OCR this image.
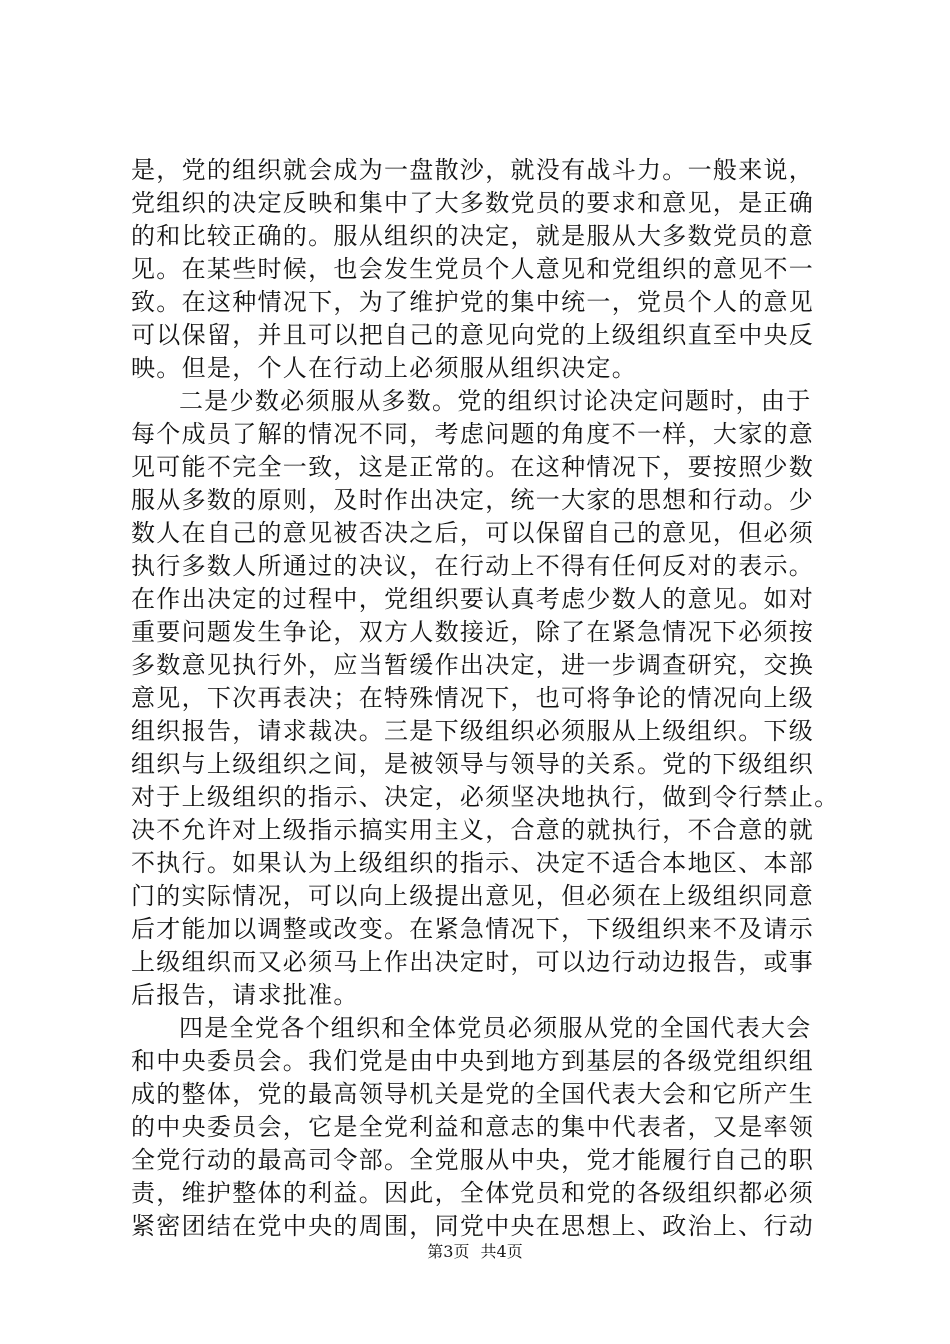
是，党的组织就会成为一盘散沙，就没有战斗力。一般来说，
党组织的决定反映和集中了大多数党员的要求和意见，是正确
的和比较正确的。服从组织的决定，就是服从大多数党员的意
见。在某些时候，也会发生党员个人意见和党组织的意见不一
致。在这种情况下，为了维护党的集中统一，党员个人的意见
可以保留，并且可以把自己的意见向党的上级组织直至中央反
映。但是，个人在行动上必须服从组织决定。
二是少数必须服从多数。党的组织讨论决定问题时，由于
每个成员了解的情况不同，考虑问题的角度不一样，大家的意
见可能不完全一致，这是正常的。在这种情况下，要按照少数
服从多数的原则，及时作出决定，统一大家的思想和行动。少
数人在自己的意见被否决之后，可以保留自己的意见，但必须
执行多数人所通过的决议，在行动上不得有任何反对的表示。
在作出决定的过程中，党组织要认真考虑少数人的意见。如对
重要问题发生争论，双方人数接近，除了在紧急情况下必须按
多数意见执行外，应当暂缓作出决定，进一步调查研究，交换
意见，下次再表决；在特殊情况下，也可将争论的情况向上级
组织报告，请求裁决。三是下级组织必须服从上级组织。下级
组织与上级组织之间，是被领导与领导的关系。党的下级组织
对于上级组织的指示、决定，必须坚决地执行，做到令行禁止。
决不允许对上级指示搞实用主义，合意的就执行，不合意的就
不执行。如果认为上级组织的指示、决定不适合本地区、本部
门的实际情况，可以向上级提出意见，但必须在上级组织同意
后才能加以调整或改变。在紧急情况下，下级组织来不及请示
上级组织而又必须马上作出决定时，可以边行动边报告，或事
后报告，请求批准。
四是全党各个组织和全体党员必须服从党的全国代表大会
和中央委员会。我们党是由中央到地方到基层的各级党组织组
成的整体，党的最高领导机关是党的全国代表大会和它所产生
的中央委员会，它是全党利益和意志的集中代表者，又是率领
全党行动的最高司令部。全党服从中央，党才能履行自己的职
责，维护整体的利益。因此，全体党员和党的各级组织都必须
紧密团结在党中央的周围，同党中央在思想上、政治上、行动
第3页 共4页
